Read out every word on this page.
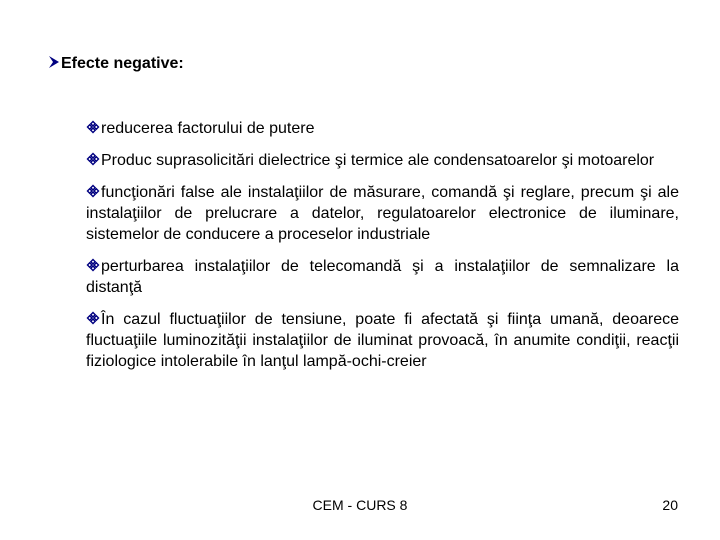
Efecte negative:
reducerea factorului de putere
Produc suprasolicitări dielectrice şi termice ale condensatoarelor şi motoarelor
funcţionări false ale instalaţiilor de măsurare, comandă şi reglare, precum şi ale instalaţiilor de prelucrare a datelor, regulatoarelor electronice de iluminare, sistemelor de conducere a proceselor industriale
perturbarea instalaţiilor de telecomandă şi a instalaţiilor de semnalizare la distanţă
În cazul fluctuaţiilor de tensiune, poate fi afectată şi fiinţa umană, deoarece fluctuaţiile luminozităţii instalaţiilor de iluminat provoacă, în anumite condiţii, reacţii fiziologice intolerabile în lanţul lampă-ochi-creier
CEM - CURS 8	20
